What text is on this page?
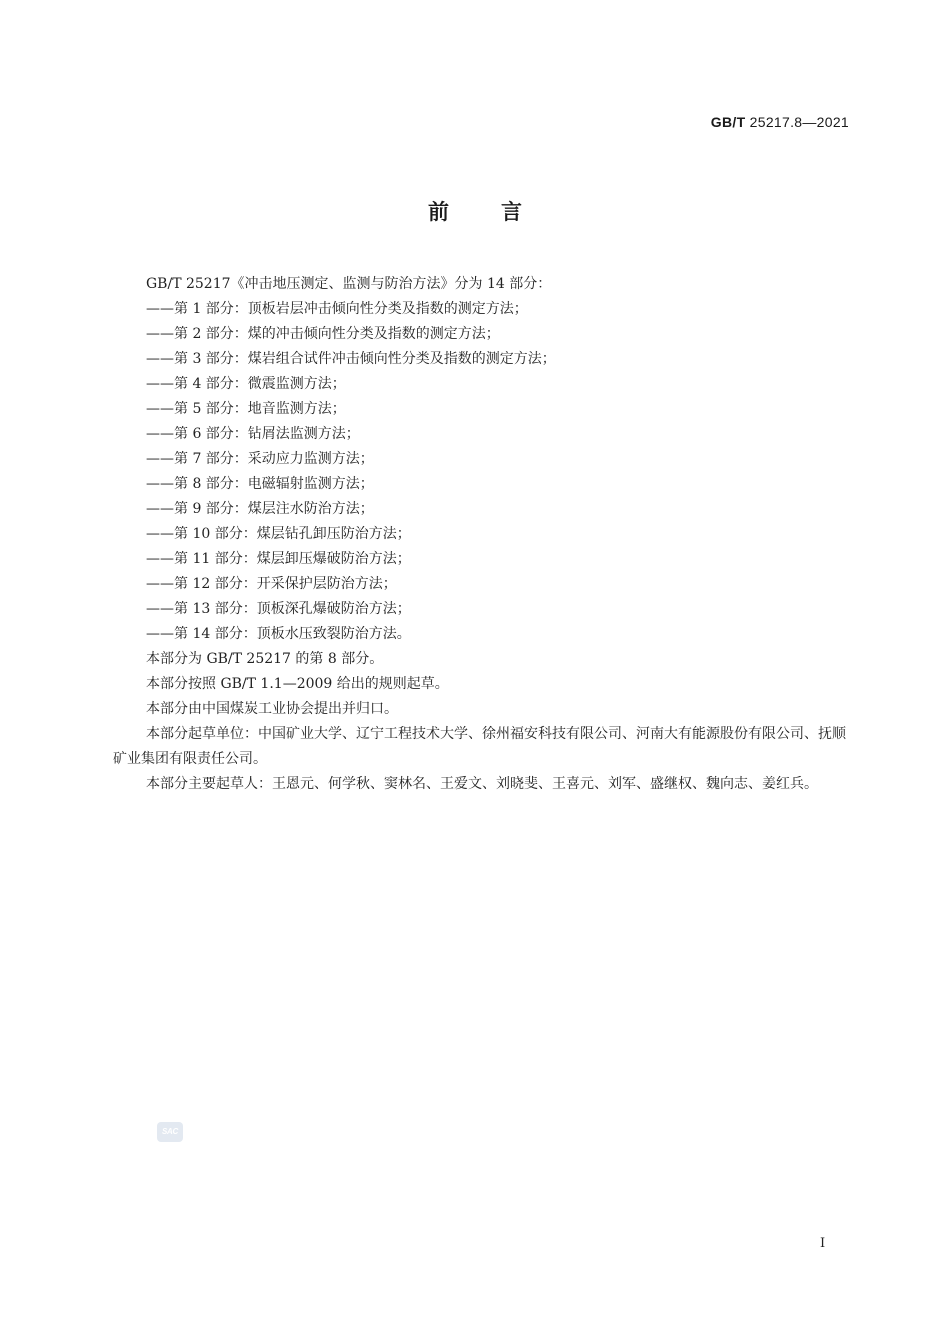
GB/T 25217.8—2021
前言

GB/T 25217《冲击地压测定、监测与防治方法》分为 14 部分：

——第 1 部分：顶板岩层冲击倾向性分类及指数的测定方法；

——第 2 部分：煤的冲击倾向性分类及指数的测定方法；

——第 3 部分：煤岩组合试件冲击倾向性分类及指数的测定方法；

——第 4 部分：微震监测方法；

——第 5 部分：地音监测方法；

——第 6 部分：钻屑法监测方法；

——第 7 部分：采动应力监测方法；

——第 8 部分：电磁辐射监测方法；

——第 9 部分：煤层注水防治方法；

——第 10 部分：煤层钻孔卸压防治方法；

——第 11 部分：煤层卸压爆破防治方法；

——第 12 部分：开采保护层防治方法；

——第 13 部分：顶板深孔爆破防治方法；

——第 14 部分：顶板水压致裂防治方法。

本部分为 GB/T 25217 的第 8 部分。

本部分按照 GB/T 1.1—2009 给出的规则起草。

本部分由中国煤炭工业协会提出并归口。

本部分起草单位：中国矿业大学、辽宁工程技术大学、徐州福安科技有限公司、河南大有能源股份有限公司、抚顺矿业集团有限责任公司。

本部分主要起草人：王恩元、何学秋、窦林名、王爱文、刘晓斐、王喜元、刘军、盛继权、魏向志、姜红兵。

SAC
I
